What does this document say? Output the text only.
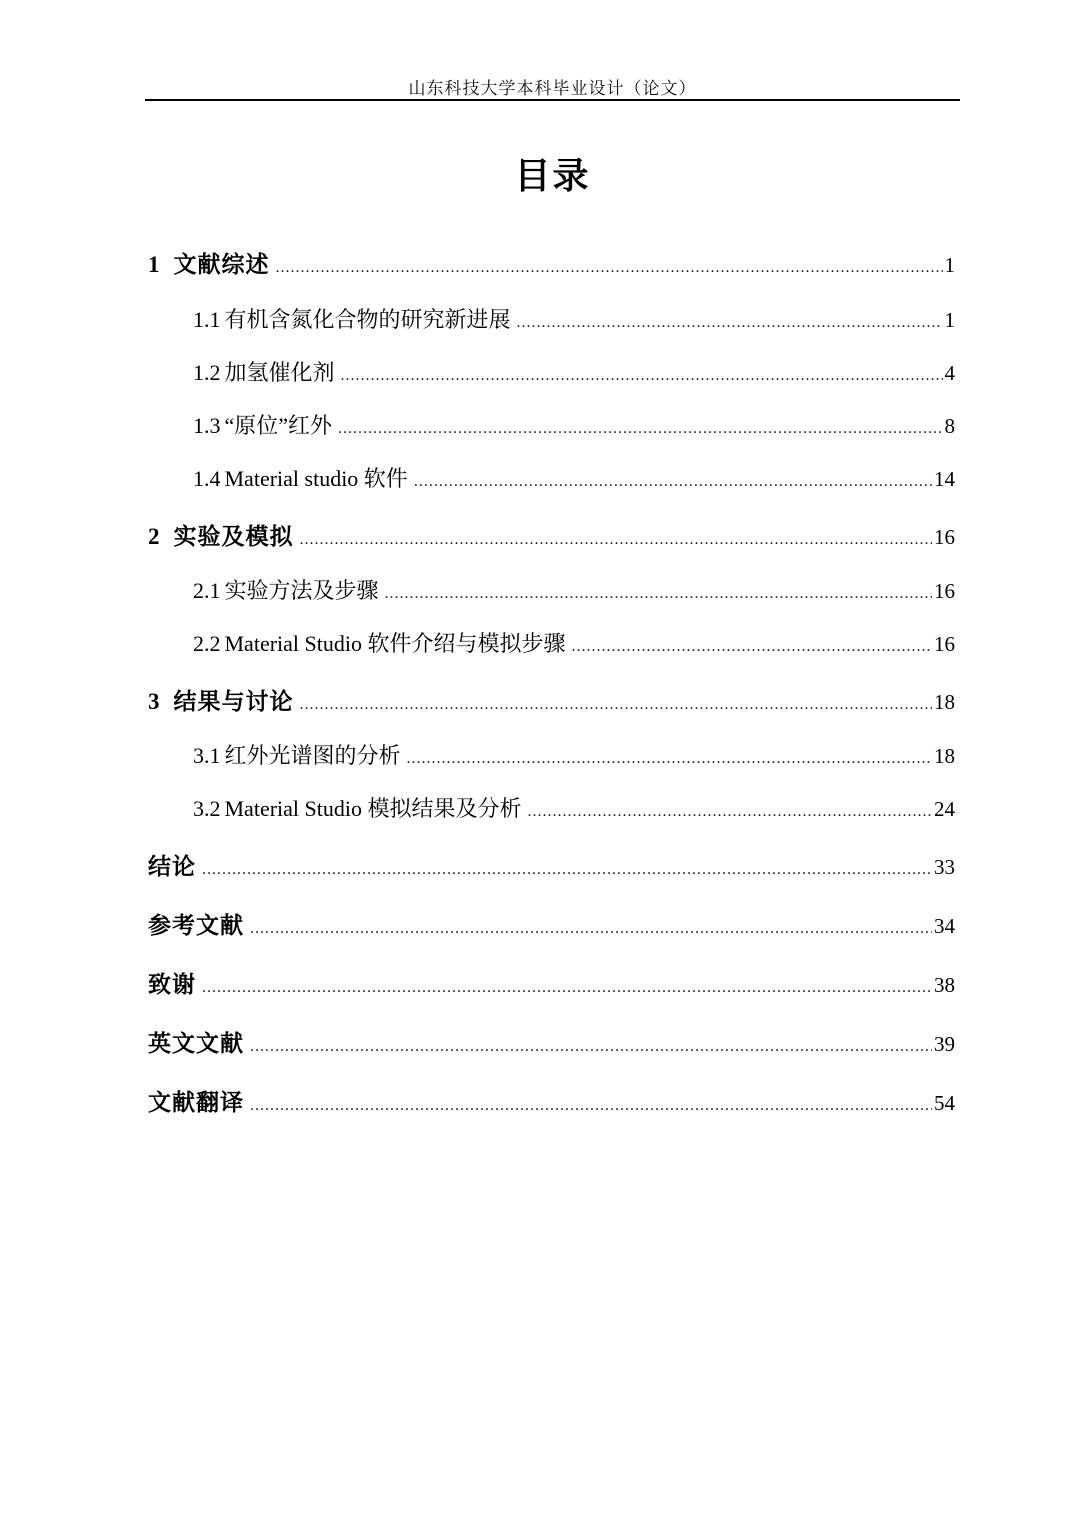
山东科技大学本科毕业设计（论文）
目录
1 文献综述 .....	1
1.1 有机含氮化合物的研究新进展 .....	1
1.2 加氢催化剂 .....	4
1.3 “原位”红外 .....	8
1.4 Material studio 软件 .....	14
2 实验及模拟 .....	16
2.1 实验方法及步骤 .....	16
2.2 Material Studio 软件介绍与模拟步骤 .....	16
3 结果与讨论 .....	18
3.1 红外光谱图的分析 .....	18
3.2 Material Studio 模拟结果及分析 .....	24
结论 .....	33
参考文献 .....	34
致谢 .....	38
英文文献 .....	39
文献翻译 .....	54
